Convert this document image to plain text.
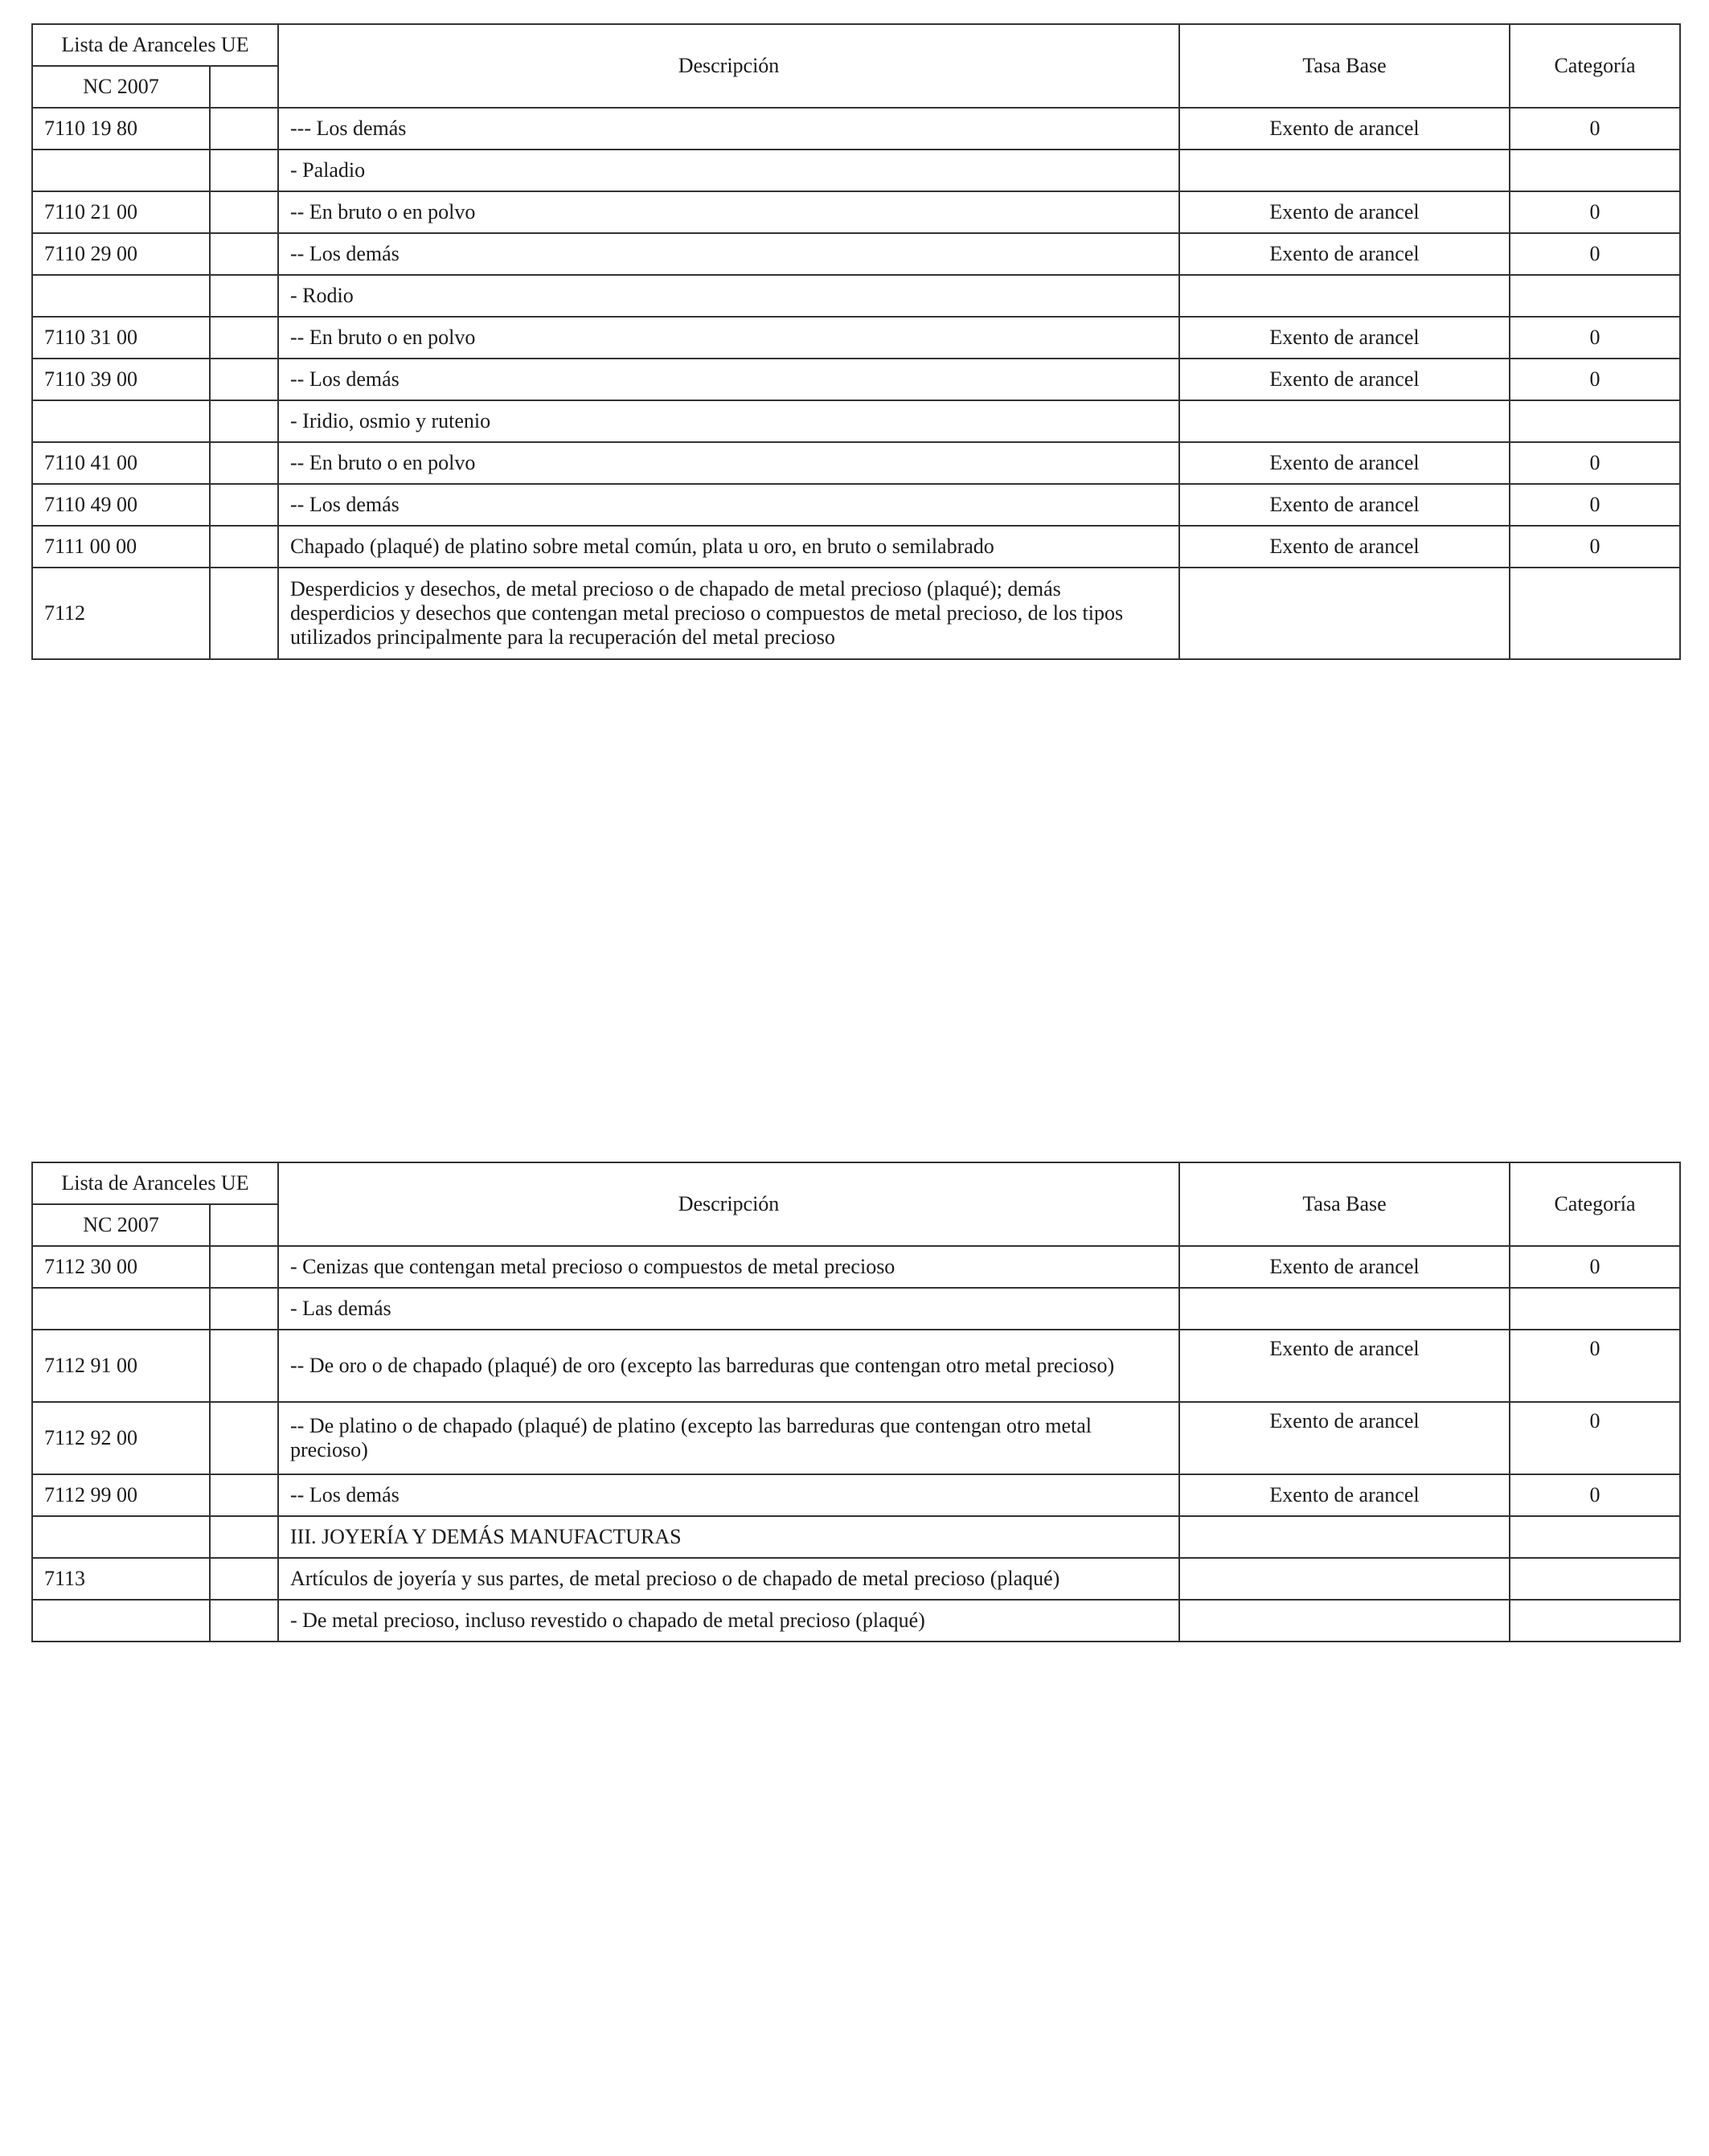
Lista de Aranceles UE		Descripción	Tasa Base	Categoría
NC 2007				
7110 19 80		--- Los demás	Exento de arancel	0
		- Paladio		
7110 21 00		-- En bruto o en polvo	Exento de arancel	0
7110 29 00		-- Los demás	Exento de arancel	0
		- Rodio		
7110 31 00		-- En bruto o en polvo	Exento de arancel	0
7110 39 00		-- Los demás	Exento de arancel	0
		- Iridio, osmio y rutenio		
7110 41 00		-- En bruto o en polvo	Exento de arancel	0
7110 49 00		-- Los demás	Exento de arancel	0
7111 00 00		Chapado (plaqué) de platino sobre metal común, plata u oro, en bruto o semilabrado	Exento de arancel	0
7112		Desperdicios y desechos, de metal precioso o de chapado de metal precioso (plaqué); demás desperdicios y desechos que contengan metal precioso o compuestos de metal precioso, de los tipos utilizados principalmente para la recuperación del metal precioso		
Lista de Aranceles UE		Descripción	Tasa Base	Categoría
NC 2007				
7112 30 00		- Cenizas que contengan metal precioso o compuestos de metal precioso	Exento de arancel	0
		- Las demás		
7112 91 00		-- De oro o de chapado (plaqué) de oro (excepto las barreduras que contengan otro metal precioso)	Exento de arancel	0
7112 92 00		-- De platino o de chapado (plaqué) de platino (excepto las barreduras que contengan otro metal precioso)	Exento de arancel	0
7112 99 00		-- Los demás	Exento de arancel	0
		III. JOYERÍA Y DEMÁS MANUFACTURAS		
7113		Artículos de joyería y sus partes, de metal precioso o de chapado de metal precioso (plaqué)		
		- De metal precioso, incluso revestido o chapado de metal precioso (plaqué)		
